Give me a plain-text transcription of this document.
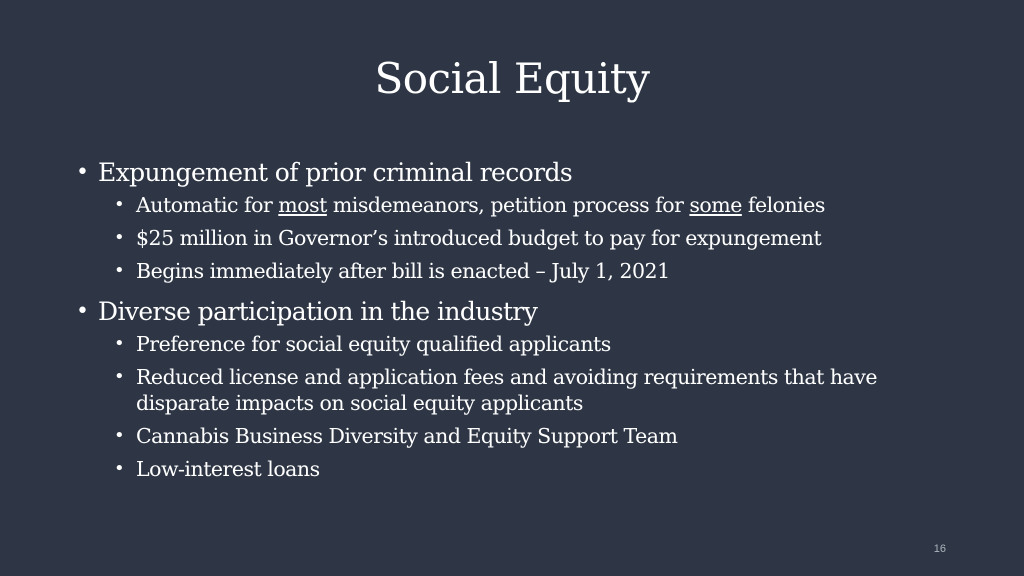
Social Equity
• Expungement of prior criminal records
• Automatic for most misdemeanors, petition process for some felonies
• $25 million in Governor’s introduced budget to pay for expungement
• Begins immediately after bill is enacted – July 1, 2021
• Diverse participation in the industry
• Preference for social equity qualified applicants
• Reduced license and application fees and avoiding requirements that have disparate impacts on social equity applicants
• Cannabis Business Diversity and Equity Support Team
• Low-interest loans
16
